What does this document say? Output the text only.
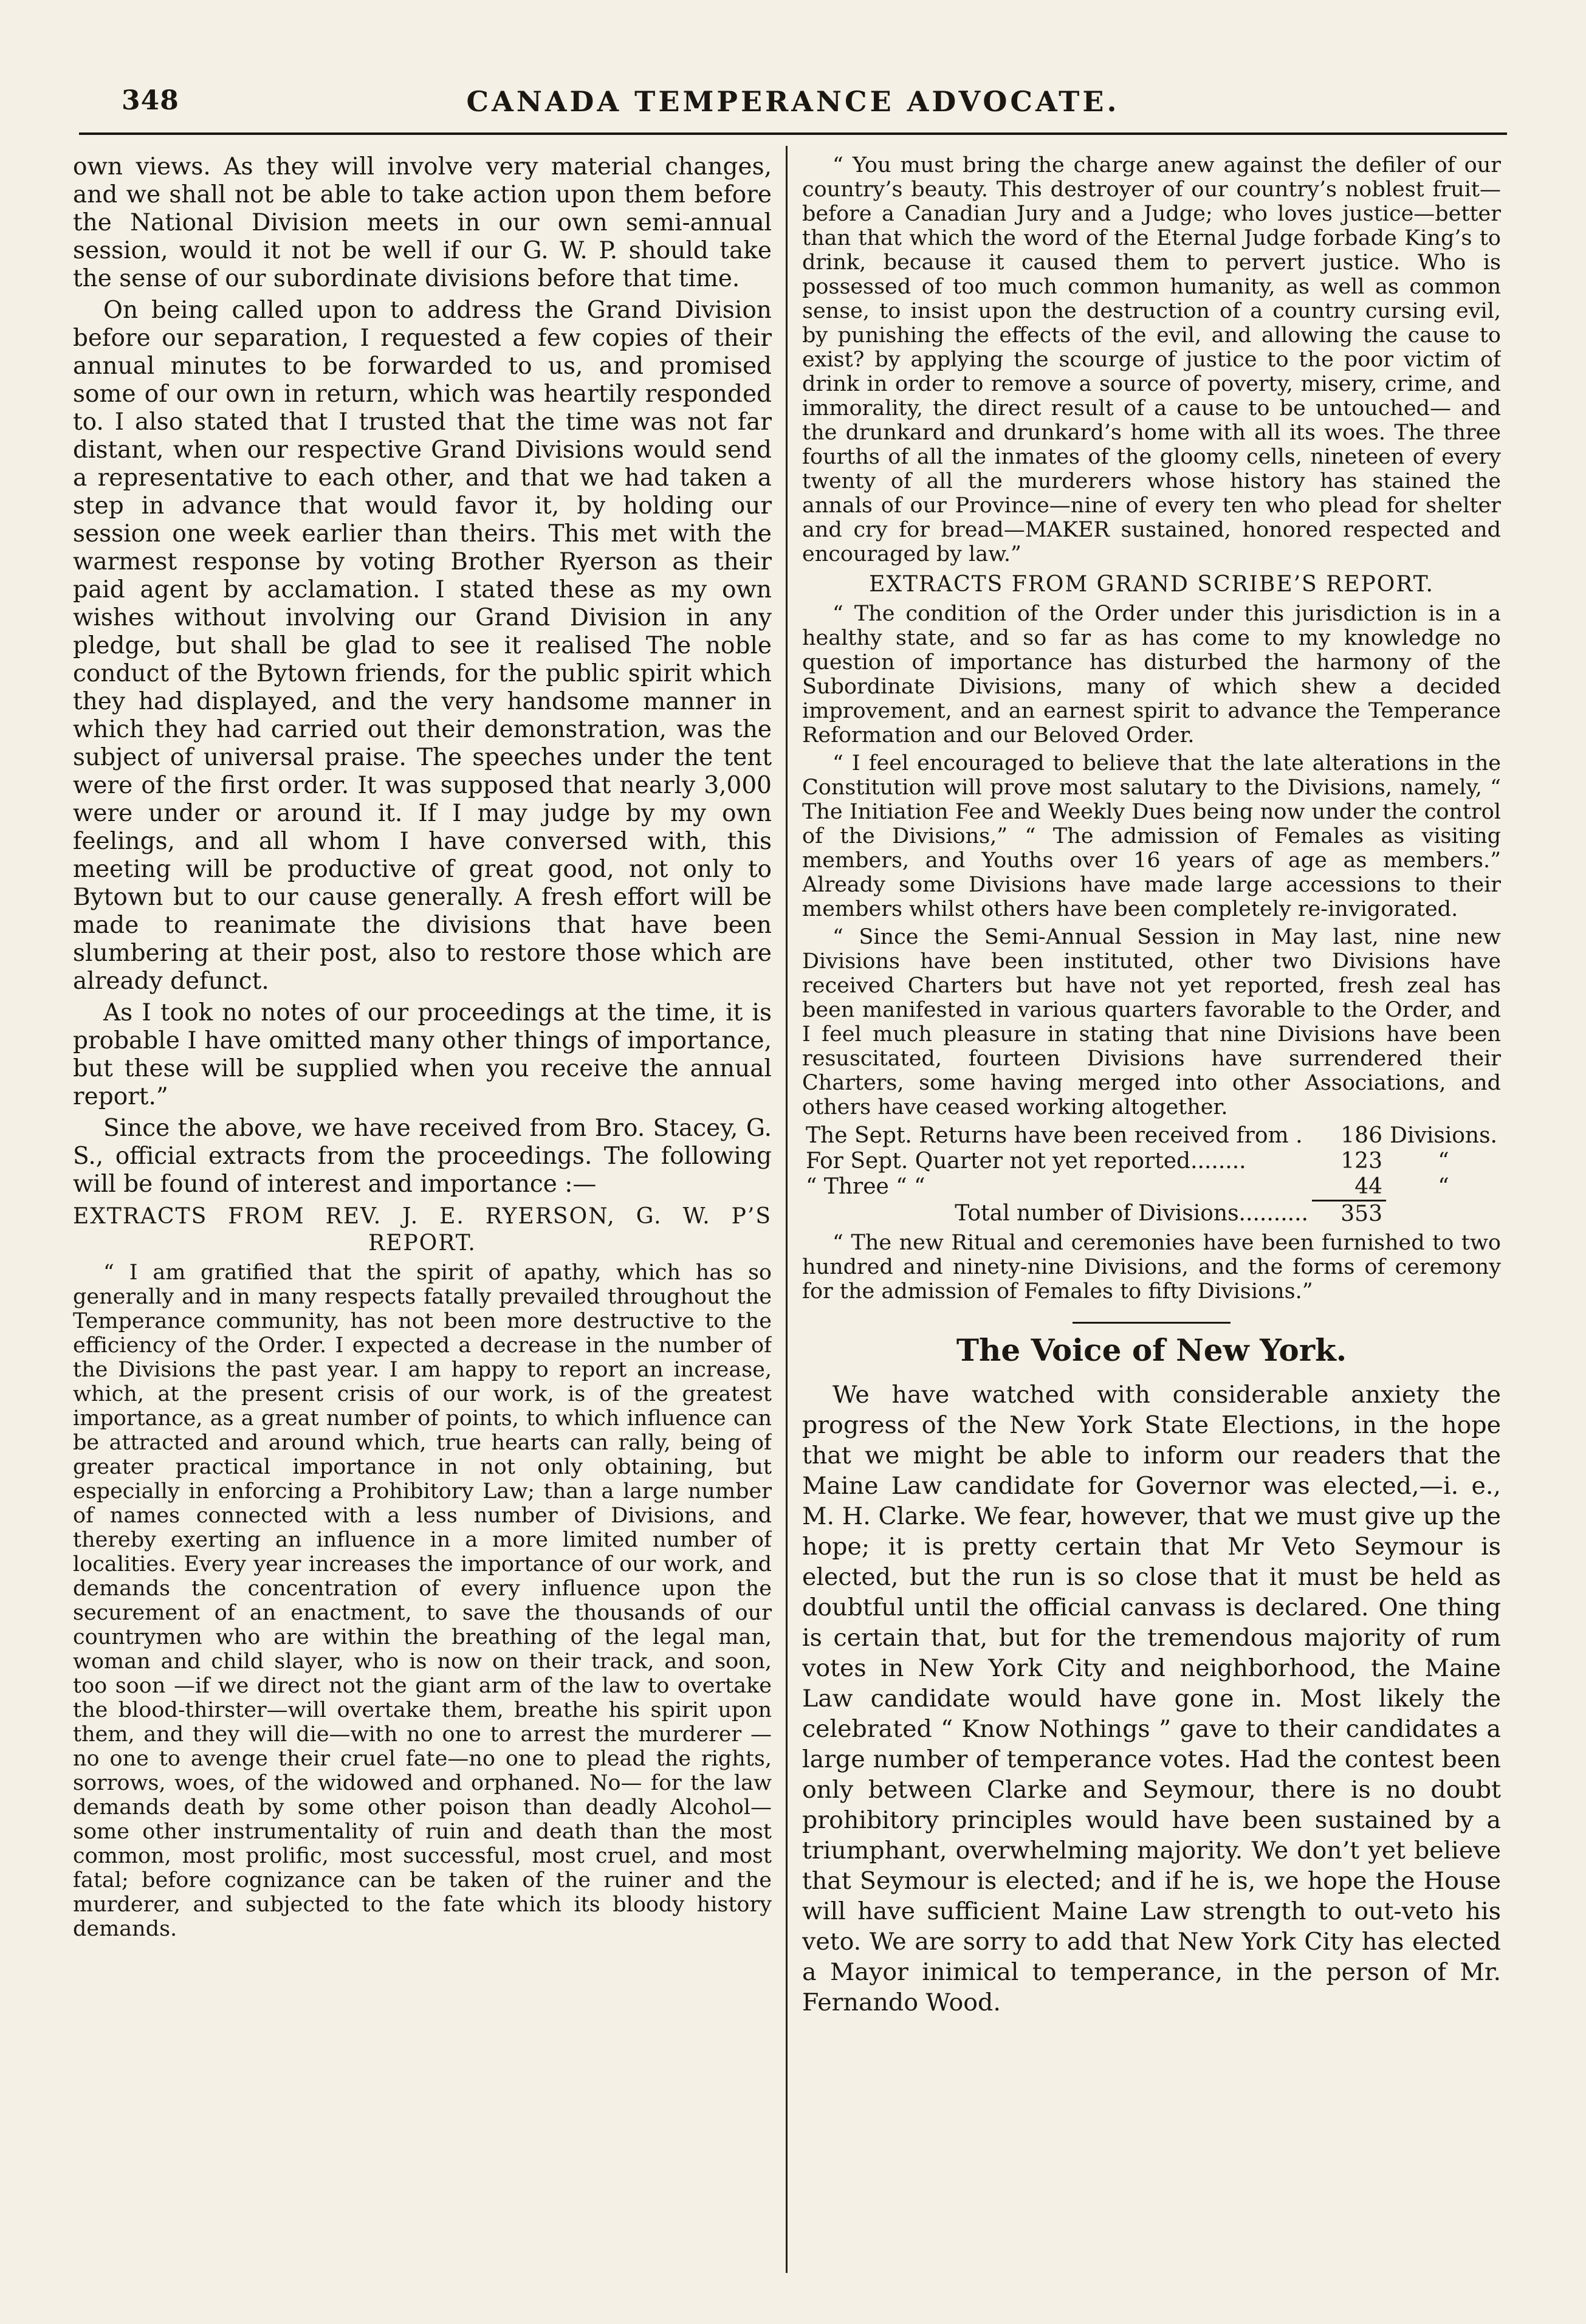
348	CANADA TEMPERANCE ADVOCATE.

own views. As they will involve very material changes, and we shall not be able to take action upon them before the National Division meets in our own semi-annual session, would it not be well if our G. W. P. should take the sense of our subordinate divisions before that time.

On being called upon to address the Grand Division before our separation, I requested a few copies of their annual minutes to be forwarded to us, and promised some of our own in return, which was heartily responded to. I also stated that I trusted that the time was not far distant, when our respective Grand Divisions would send a representative to each other, and that we had taken a step in advance that would favor it, by holding our session one week earlier than theirs. This met with the warmest response by voting Brother Ryerson as their paid agent by acclamation. I stated these as my own wishes without involving our Grand Division in any pledge, but shall be glad to see it realised The noble conduct of the Bytown friends, for the public spirit which they had displayed, and the very handsome manner in which they had carried out their demonstration, was the subject of universal praise. The speeches under the tent were of the first order. It was supposed that nearly 3,000 were under or around it. If I may judge by my own feelings, and all whom I have conversed with, this meeting will be productive of great good, not only to Bytown but to our cause generally. A fresh effort will be made to reanimate the divisions that have been slumbering at their post, also to restore those which are already defunct.

As I took no notes of our proceedings at the time, it is probable I have omitted many other things of importance, but these will be supplied when you receive the annual report.”

Since the above, we have received from Bro. Stacey, G. S., official extracts from the proceedings. The following will be found of interest and importance :—

EXTRACTS FROM REV. J. E. RYERSON, G. W. P’S REPORT.

“ I am gratified that the spirit of apathy, which has so generally and in many respects fatally prevailed throughout the Temperance community, has not been more destructive to the efficiency of the Order. I expected a decrease in the number of the Divisions the past year. I am happy to report an increase, which, at the present crisis of our work, is of the greatest importance, as a great number of points, to which influence can be attracted and around which, true hearts can rally, being of greater practical importance in not only obtaining, but especially in enforcing a Prohibitory Law; than a large number of names connected with a less number of Divisions, and thereby exerting an influence in a more limited number of localities. Every year increases the importance of our work, and demands the concentration of every influence upon the securement of an enactment, to save the thousands of our countrymen who are within the breathing of the legal man, woman and child slayer, who is now on their track, and soon, too soon —if we direct not the giant arm of the law to overtake the blood-thirster—will overtake them, breathe his spirit upon them, and they will die—with no one to arrest the murderer —no one to avenge their cruel fate—no one to plead the rights, sorrows, woes, of the widowed and orphaned. No— for the law demands death by some other poison than deadly Alcohol—some other instrumentality of ruin and death than the most common, most prolific, most successful, most cruel, and most fatal; before cognizance can be taken of the ruiner and the murderer, and subjected to the fate which its bloody history demands.

“ You must bring the charge anew against the defiler of our country’s beauty. This destroyer of our country’s noblest fruit—before a Canadian Jury and a Judge; who loves justice—better than that which the word of the Eternal Judge forbade King’s to drink, because it caused them to pervert justice. Who is possessed of too much common humanity, as well as common sense, to insist upon the destruction of a country cursing evil, by punishing the effects of the evil, and allowing the cause to exist? by applying the scourge of justice to the poor victim of drink in order to remove a source of poverty, misery, crime, and immorality, the direct result of a cause to be untouched— and the drunkard and drunkard’s home with all its woes. The three fourths of all the inmates of the gloomy cells, nineteen of every twenty of all the murderers whose history has stained the annals of our Province—nine of every ten who plead for shelter and cry for bread—MAKER sustained, honored respected and encouraged by law.”

EXTRACTS FROM GRAND SCRIBE’S REPORT.

“ The condition of the Order under this jurisdiction is in a healthy state, and so far as has come to my knowledge no question of importance has disturbed the harmony of the Subordinate Divisions, many of which shew a decided improvement, and an earnest spirit to advance the Temperance Reformation and our Beloved Order.

“ I feel encouraged to believe that the late alterations in the Constitution will prove most salutary to the Divisions, namely, “ The Initiation Fee and Weekly Dues being now under the control of the Divisions,” “ The admission of Females as visiting members, and Youths over 16 years of age as members.” Already some Divisions have made large accessions to their members whilst others have been completely re-invigorated.

“ Since the Semi-Annual Session in May last, nine new Divisions have been instituted, other two Divisions have received Charters but have not yet reported, fresh zeal has been manifested in various quarters favorable to the Order, and I feel much pleasure in stating that nine Divisions have been resuscitated, fourteen Divisions have surrendered their Charters, some having merged into other Associations, and others have ceased working altogether.

The Sept. Returns have been received from .	186	Divisions.
For Sept. Quarter not yet reported........	123	“
“ Three “ “	44	“
Total number of Divisions..........	353	

“ The new Ritual and ceremonies have been furnished to two hundred and ninety-nine Divisions, and the forms of ceremony for the admission of Females to fifty Divisions.”

The Voice of New York.

We have watched with considerable anxiety the progress of the New York State Elections, in the hope that we might be able to inform our readers that the Maine Law candidate for Governor was elected,—i. e., M. H. Clarke. We fear, however, that we must give up the hope; it is pretty certain that Mr Veto Seymour is elected, but the run is so close that it must be held as doubtful until the official canvass is declared. One thing is certain that, but for the tremendous majority of rum votes in New York City and neighborhood, the Maine Law candidate would have gone in. Most likely the celebrated “ Know Nothings ” gave to their candidates a large number of temperance votes. Had the contest been only between Clarke and Seymour, there is no doubt prohibitory principles would have been sustained by a triumphant, overwhelming majority. We don’t yet believe that Seymour is elected; and if he is, we hope the House will have sufficient Maine Law strength to out-veto his veto. We are sorry to add that New York City has elected a Mayor inimical to temperance, in the person of Mr. Fernando Wood.
